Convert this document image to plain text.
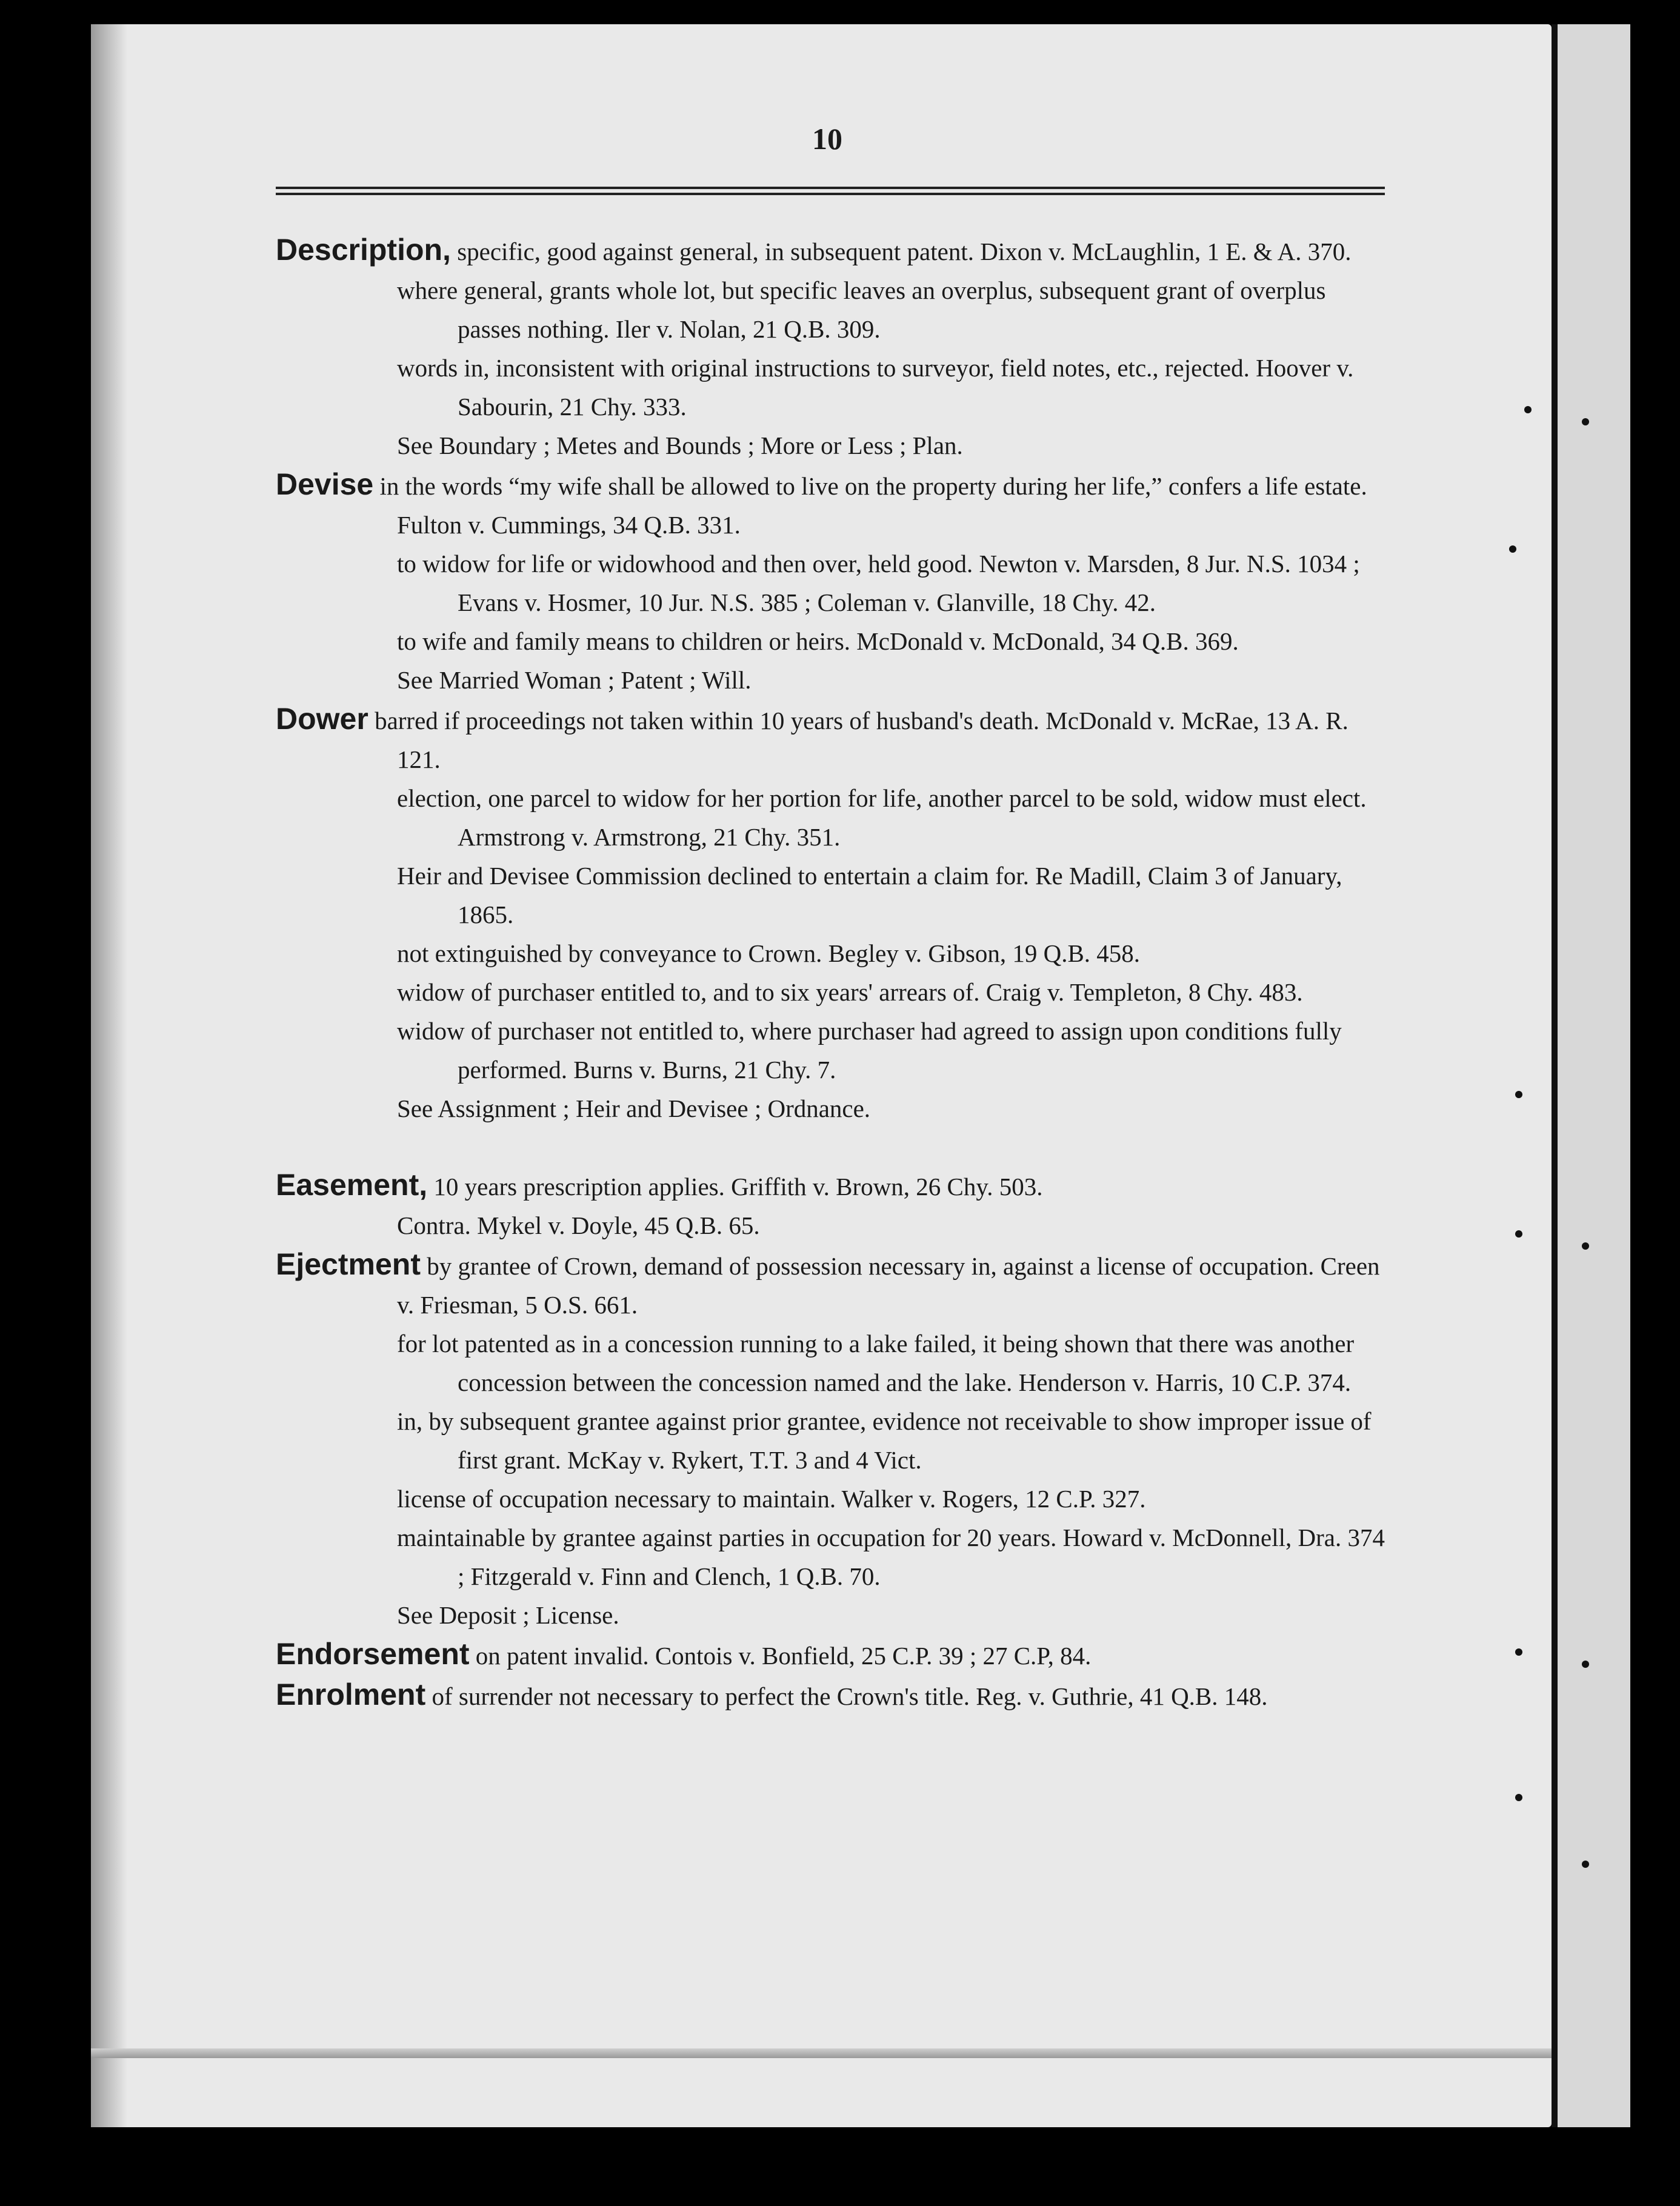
10

Description, specific, good against general, in subsequent patent. Dixon v. McLaughlin, 1 E. & A. 370.

where general, grants whole lot, but specific leaves an overplus, subsequent grant of overplus passes nothing. Iler v. Nolan, 21 Q.B. 309.

words in, inconsistent with original instructions to surveyor, field notes, etc., rejected. Hoover v. Sabourin, 21 Chy. 333.

See Boundary ; Metes and Bounds ; More or Less ; Plan.

Devise in the words “my wife shall be allowed to live on the property during her life,” confers a life estate. Fulton v. Cummings, 34 Q.B. 331.

to widow for life or widowhood and then over, held good. Newton v. Marsden, 8 Jur. N.S. 1034 ; Evans v. Hosmer, 10 Jur. N.S. 385 ; Coleman v. Glanville, 18 Chy. 42.

to wife and family means to children or heirs. McDonald v. McDonald, 34 Q.B. 369.

See Married Woman ; Patent ; Will.

Dower barred if proceedings not taken within 10 years of husband's death. McDonald v. McRae, 13 A. R. 121.

election, one parcel to widow for her portion for life, another parcel to be sold, widow must elect. Armstrong v. Armstrong, 21 Chy. 351.

Heir and Devisee Commission declined to entertain a claim for. Re Madill, Claim 3 of January, 1865.

not extinguished by conveyance to Crown. Begley v. Gibson, 19 Q.B. 458.

widow of purchaser entitled to, and to six years' arrears of. Craig v. Templeton, 8 Chy. 483.

widow of purchaser not entitled to, where purchaser had agreed to assign upon conditions fully performed. Burns v. Burns, 21 Chy. 7.

See Assignment ; Heir and Devisee ; Ordnance.

Easement, 10 years prescription applies. Griffith v. Brown, 26 Chy. 503.

Contra. Mykel v. Doyle, 45 Q.B. 65.

Ejectment by grantee of Crown, demand of possession necessary in, against a license of occupation. Creen v. Friesman, 5 O.S. 661.

for lot patented as in a concession running to a lake failed, it being shown that there was another concession between the concession named and the lake. Henderson v. Harris, 10 C.P. 374.

in, by subsequent grantee against prior grantee, evidence not receivable to show improper issue of first grant. McKay v. Rykert, T.T. 3 and 4 Vict.

license of occupation necessary to maintain. Walker v. Rogers, 12 C.P. 327.

maintainable by grantee against parties in occupation for 20 years. Howard v. McDonnell, Dra. 374 ; Fitzgerald v. Finn and Clench, 1 Q.B. 70.

See Deposit ; License.

Endorsement on patent invalid. Contois v. Bonfield, 25 C.P. 39 ; 27 C.P, 84.

Enrolment of surrender not necessary to perfect the Crown's title. Reg. v. Guthrie, 41 Q.B. 148.
